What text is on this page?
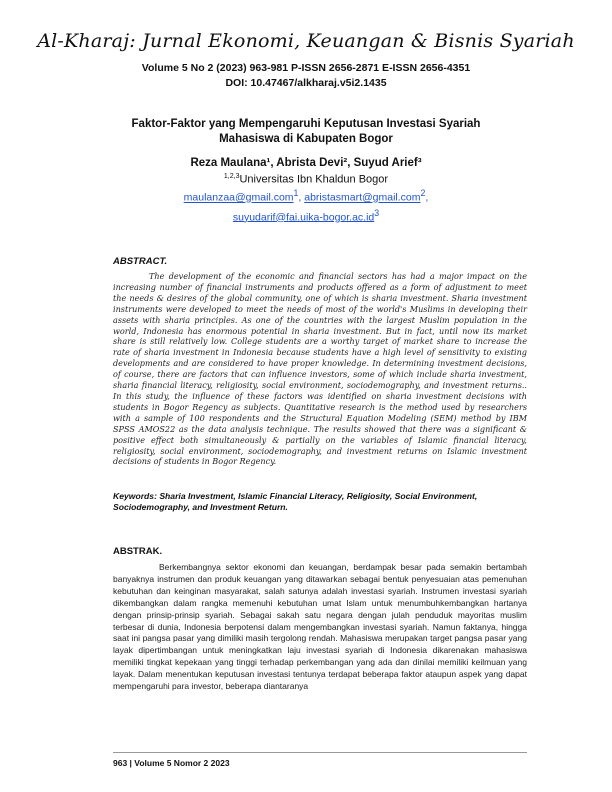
Al-Kharaj: Jurnal Ekonomi, Keuangan & Bisnis Syariah
Volume 5 No 2 (2023) 963-981 P-ISSN 2656-2871 E-ISSN 2656-4351
DOI: 10.47467/alkharaj.v5i2.1435
Faktor-Faktor yang Mempengaruhi Keputusan Investasi Syariah Mahasiswa di Kabupaten Bogor
Reza Maulana¹, Abrista Devi², Suyud Arief³
$^{1,2,3}$Universitas Ibn Khaldun Bogor
maulanzaa@gmail.com$^1$, abristasmart@gmail.com$^2$, $suyudarif@fai.uika-bogor.ac.id^3$
ABSTRACT.
The development of the economic and financial sectors has had a major impact on the increasing number of financial instruments and products offered as a form of adjustment to meet the needs & desires of the global community, one of which is sharia investment. Sharia investment instruments were developed to meet the needs of most of the world's Muslims in developing their assets with sharia principles. As one of the countries with the largest Muslim population in the world, Indonesia has enormous potential in sharia investment. But in fact, until now its market share is still relatively low. College students are a worthy target of market share to increase the rate of sharia investment in Indonesia because students have a high level of sensitivity to existing developments and are considered to have proper knowledge. In determining investment decisions, of course, there are factors that can influence investors, some of which include sharia investment, sharia financial literacy, religiosity, social environment, sociodemography, and investment returns.. In this study, the influence of these factors was identified on sharia investment decisions with students in Bogor Regency as subjects. Quantitative research is the method used by researchers with a sample of 100 respondents and the Structural Equation Modeling (SEM) method by IBM SPSS AMOS22 as the data analysis technique. The results showed that there was a significant & positive effect both simultaneously & partially on the variables of Islamic financial literacy, religiosity, social environment, sociodemography, and investment returns on Islamic investment decisions of students in Bogor Regency.
Keywords: Sharia Investment, Islamic Financial Literacy, Religiosity, Social Environment, Sociodemography, and Investment Return.
ABSTRAK.
Berkembangnya sektor ekonomi dan keuangan, berdampak besar pada semakin bertambah banyaknya instrumen dan produk keuangan yang ditawarkan sebagai bentuk penyesuaian atas pemenuhan kebutuhan dan keinginan masyarakat, salah satunya adalah investasi syariah. Instrumen investasi syariah dikembangkan dalam rangka memenuhi kebutuhan umat Islam untuk menumbuhkembangkan hartanya dengan prinsip-prinsip syariah. Sebagai sakah satu negara dengan julah penduduk mayoritas muslim terbesar di dunia, Indonesia berpotensi dalam mengembangkan investasi syariah. Namun faktanya, hingga saat ini pangsa pasar yang dimiliki masih tergolong rendah. Mahasiswa merupakan target pangsa pasar yang layak dipertimbangan untuk meningkatkan laju investasi syariah di Indonesia dikarenakan mahasiswa memiliki tingkat kepekaan yang tinggi terhadap perkembangan yang ada dan dinilai memiliki keilmuan yang layak. Dalam menentukan keputusan investasi tentunya terdapat beberapa faktor ataupun aspek yang dapat mempengaruhi para investor, beberapa diantaranya
963 | Volume 5 Nomor 2 2023
